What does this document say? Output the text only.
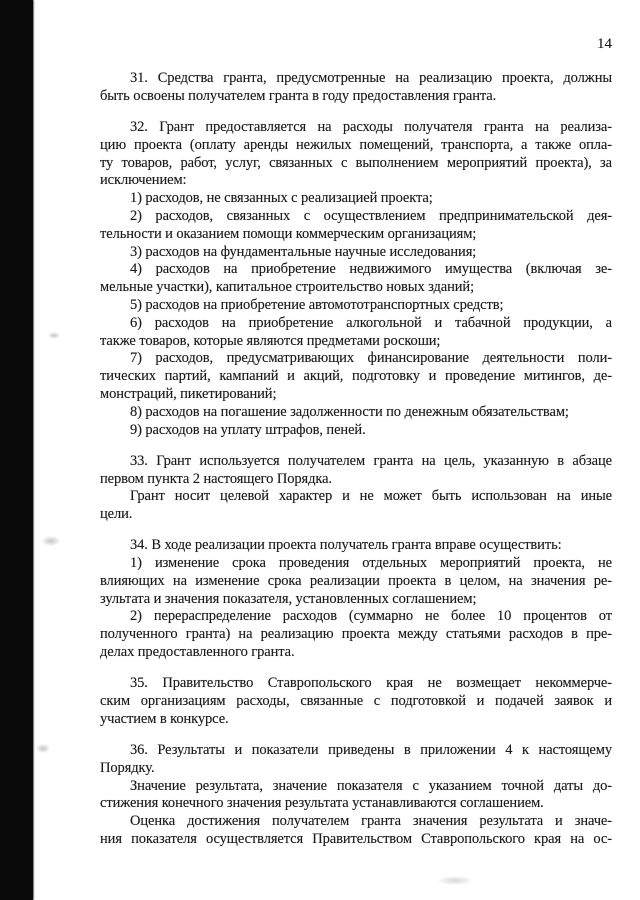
14

31. Средства гранта, предусмотренные на реализацию проекта, должны
быть освоены получателем гранта в году предоставления гранта.

32. Грант предоставляется на расходы получателя гранта на реализа-
цию проекта (оплату аренды нежилых помещений, транспорта, а также опла-
ту товаров, работ, услуг, связанных с выполнением мероприятий проекта), за
исключением:

1) расходов, не связанных с реализацией проекта;

2) расходов, связанных с осуществлением предпринимательской дея-
тельности и оказанием помощи коммерческим организациям;

3) расходов на фундаментальные научные исследования;

4) расходов на приобретение недвижимого имущества (включая зе-
мельные участки), капитальное строительство новых зданий;

5) расходов на приобретение автомототранспортных средств;

6) расходов на приобретение алкогольной и табачной продукции, а
также товаров, которые являются предметами роскоши;

7) расходов, предусматривающих финансирование деятельности поли-
тических партий, кампаний и акций, подготовку и проведение митингов, де-
монстраций, пикетирований;

8) расходов на погашение задолженности по денежным обязательствам;

9) расходов на уплату штрафов, пеней.

33. Грант используется получателем гранта на цель, указанную в абзаце
первом пункта 2 настоящего Порядка.

Грант носит целевой характер и не может быть использован на иные
цели.

34. В ходе реализации проекта получатель гранта вправе осуществить:

1) изменение срока проведения отдельных мероприятий проекта, не
влияющих на изменение срока реализации проекта в целом, на значения ре-
зультата и значения показателя, установленных соглашением;

2) перераспределение расходов (суммарно не более 10 процентов от
полученного гранта) на реализацию проекта между статьями расходов в пре-
делах предоставленного гранта.

35. Правительство Ставропольского края не возмещает некоммерче-
ским организациям расходы, связанные с подготовкой и подачей заявок и
участием в конкурсе.

36. Результаты и показатели приведены в приложении 4 к настоящему
Порядку.

Значение результата, значение показателя с указанием точной даты до-
стижения конечного значения результата устанавливаются соглашением.

Оценка достижения получателем гранта значения результата и значе-
ния показателя осуществляется Правительством Ставропольского края на ос-
